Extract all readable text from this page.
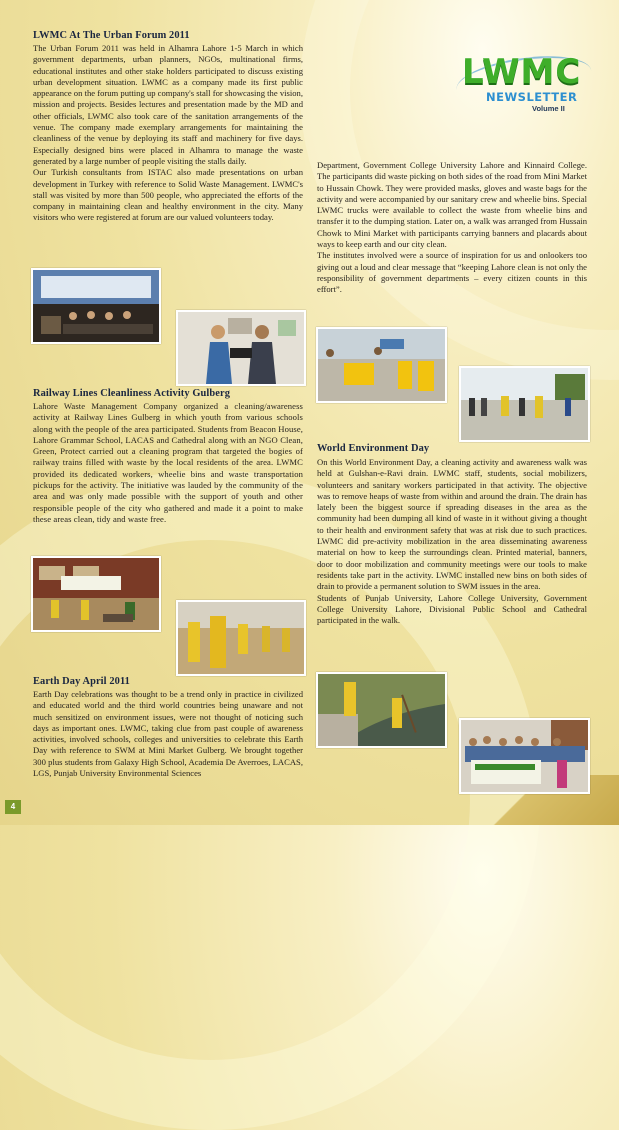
LWMC
NEWSLETTER
Volume II
LWMC At The Urban Forum 2011

The Urban Forum 2011 was held in Alhamra Lahore 1-5 March in which government departments, urban planners, NGOs, multinational firms, educational institutes and other stake holders participated to discuss existing urban development situation. LWMC as a company made its first public appearance on the forum putting up company's stall for showcasing the vision, mission and projects. Besides lectures and presentation made by the MD and other officials, LWMC also took care of the sanitation arrangements of the venue. The company made exemplary arrangements for maintaining the cleanliness of the venue by deploying its staff and machinery for five days. Especially designed bins were placed in Alhamra to manage the waste generated by a large number of people visiting the stalls daily.

Our Turkish consultants from ISTAC also made presentations on urban development in Turkey with reference to Solid Waste Management. LWMC's stall was visited by more than 500 people, who appreciated the efforts of the company in maintaining clean and healthy environment in the city. Many visitors who were registered at forum are our valued volunteers today.

Railway Lines Cleanliness Activity Gulberg
Lahore Waste Management Company organized a cleaning/awareness activity at Railway Lines Gulberg in which youth from various schools along with the people of the area participated. Students from Beacon House, Lahore Grammar School, LACAS and Cathedral along with an NGO Clean, Green, Protect carried out a cleaning program that targeted the bogies of railway trains filled with waste by the local residents of the area. LWMC provided its dedicated workers, wheelie bins and waste transportation pickups for the activity. The initiative was lauded by the community of the area and was only made possible with the support of youth and other responsible people of the city who gathered and made it a point to make these areas clean, tidy and waste free.
Earth Day April 2011
Earth Day celebrations was thought to be a trend only in practice in civilized and educated world and the third world countries being unaware and not much sensitized on environment issues, were not thought of noticing such days as important ones. LWMC, taking clue from past couple of awareness activities, involved schools, colleges and universities to celebrate this Earth Day with reference to SWM at Mini Market Gulberg. We brought together 300 plus students from Galaxy High School, Academia De Averroes, LACAS, LGS, Punjab University Environmental Sciences

Department, Government College University Lahore and Kinnaird College. The participants did waste picking on both sides of the road from Mini Market to Hussain Chowk. They were provided masks, gloves and waste bags for the activity and were accompanied by our sanitary crew and wheelie bins. Special LWMC trucks were available to collect the waste from wheelie bins and transfer it to the dumping station. Later on, a walk was arranged from Hussain Chowk to Mini Market with participants carrying banners and placards about ways to keep earth and our city clean.

The institutes involved were a source of inspiration for us and onlookers too giving out a loud and clear message that “keeping Lahore clean is not only the responsibility of government departments – every citizen counts in this effort”.

World Environment Day

On this World Environment Day, a cleaning activity and awareness walk was held at Gulshan-e-Ravi drain. LWMC staff, students, social mobilizers, volunteers and sanitary workers participated in that activity. The objective was to remove heaps of waste from within and around the drain. The drain has lately been the biggest source if spreading diseases in the area as the community had been dumping all kind of waste in it without giving a thought to their health and environment safety that was at risk due to such practices. LWMC did pre-activity mobilization in the area disseminating awareness material on how to keep the surroundings clean. Printed material, banners, door to door mobilization and community meetings were our tools to make residents take part in the activity. LWMC installed new bins on both sides of drain to provide a permanent solution to SWM issues in the area.

Students of Punjab University, Lahore College University, Government College University Lahore, Divisional Public School and Cathedral participated in the walk.

4
